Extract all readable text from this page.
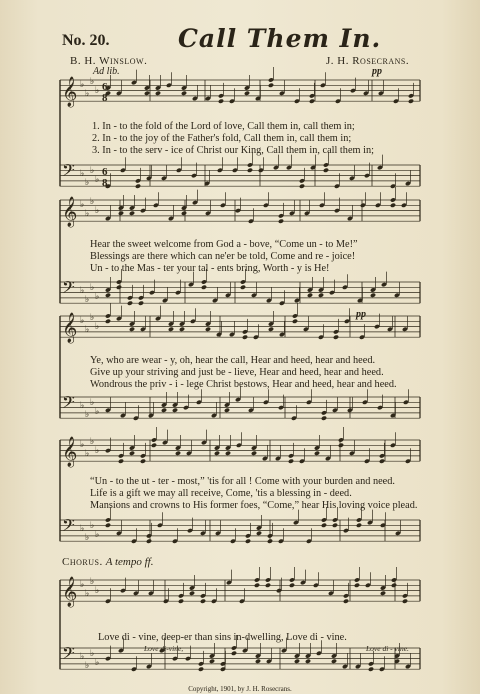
No. 20.	Call Them In.
B. H. Winslow.	J. H. Rosecrans.
Ad lib.	pp
pp
𝄞 ♭
♭
♭
♭
𝄢 ♭
♭
♭
♭
6
8
6
8
𝄞 ♭
♭
♭
♭
𝄢 ♭
♭
♭
♭
𝄞 ♭
♭
♭
♭
𝄢 ♭
♭
♭
♭
𝄞 ♭
♭
♭
♭
𝄢 ♭
♭
♭
♭
𝄞 ♭
♭
♭
♭
𝄢 ♭
♭
♭
♭
1. In - to the fold of the Lord of love, Call them in, call them in;
2. In - to the joy of the Father's fold, Call them in, call them in;
3. In - to the serv - ice of Christ our King, Call them in, call them in;
Hear the sweet welcome from God a - bove, “Come un - to Me!”
Blessings are there which can ne'er be told, Come and re - joice!
Un - to the Mas - ter your tal - ents bring, Worth - y is He!
Ye, who are wear - y, oh, hear the call, Hear and heed, hear and heed.
Give up your striving and just be - lieve, Hear and heed, hear and heed.
Wondrous the priv - i - lege Christ bestows, Hear and heed, hear and heed.
“Un - to the ut - ter - most,” 'tis for all ! Come with your burden and need.
Life is a gift we may all receive, Come, 'tis a blessing in - deed.
Mansions and crowns to His former foes, “Come,” hear His loving voice plead.
Chorus. A tempo ff.
Love di - vine, deep-er than sins in-dwelling, Love di - vine.
Love di-vine,	Love di - vine.
Copyright, 1901, by J. H. Rosecrans.
